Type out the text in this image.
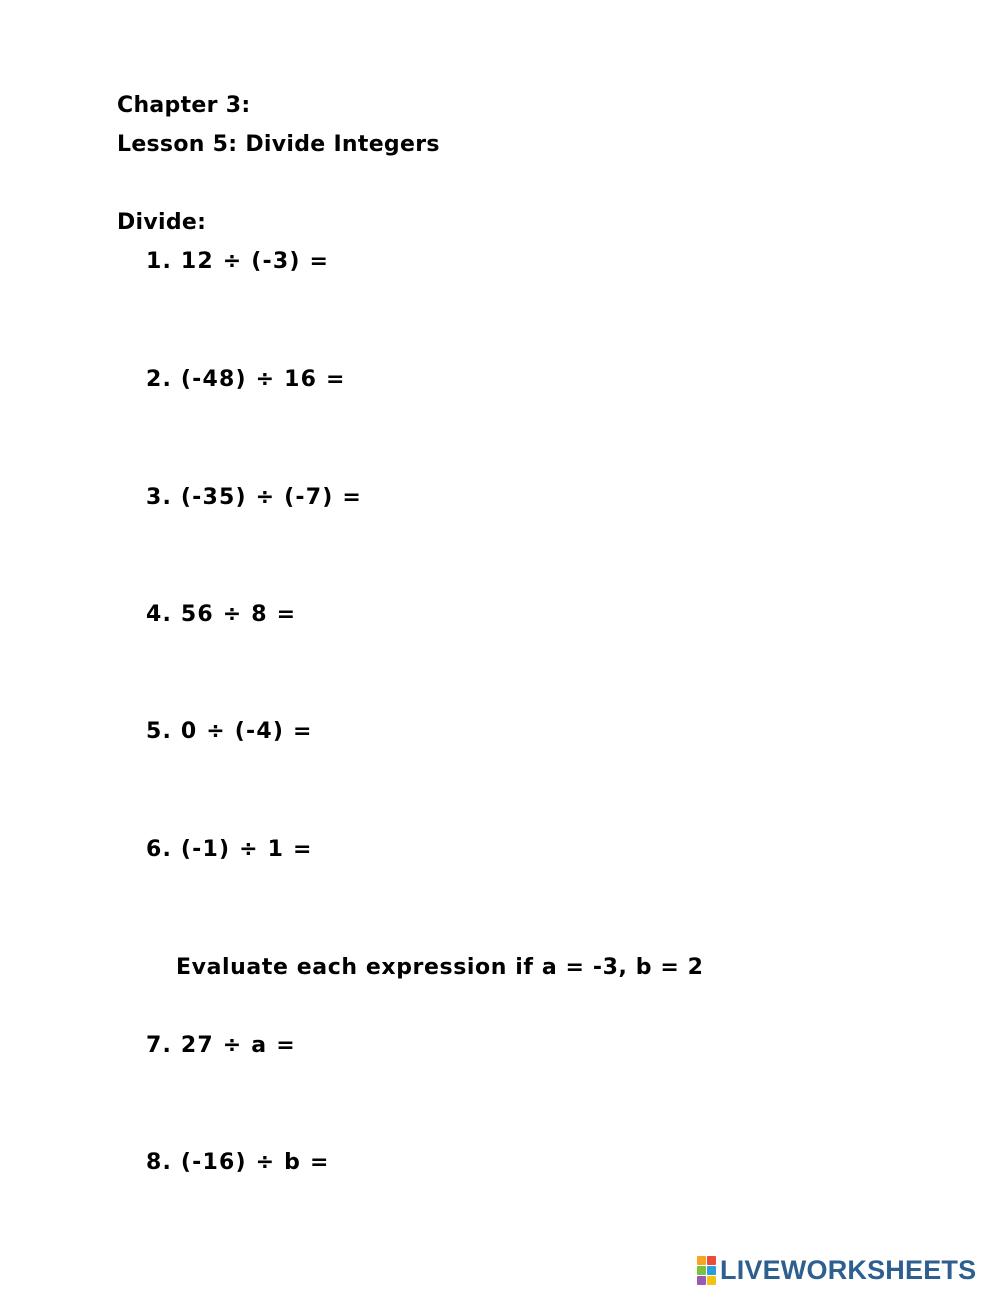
Chapter 3:
Lesson 5: Divide Integers
Divide:
1. 12 ÷ (-3) =
2. (-48) ÷ 16 =
3. (-35) ÷ (-7) =
4. 56 ÷ 8 =
5. 0 ÷ (-4) =
6. (-1) ÷ 1 =
Evaluate each expression if a = -3, b = 2
7. 27 ÷ a =
8. (-16) ÷ b =
LIVEWORKSHEETS
